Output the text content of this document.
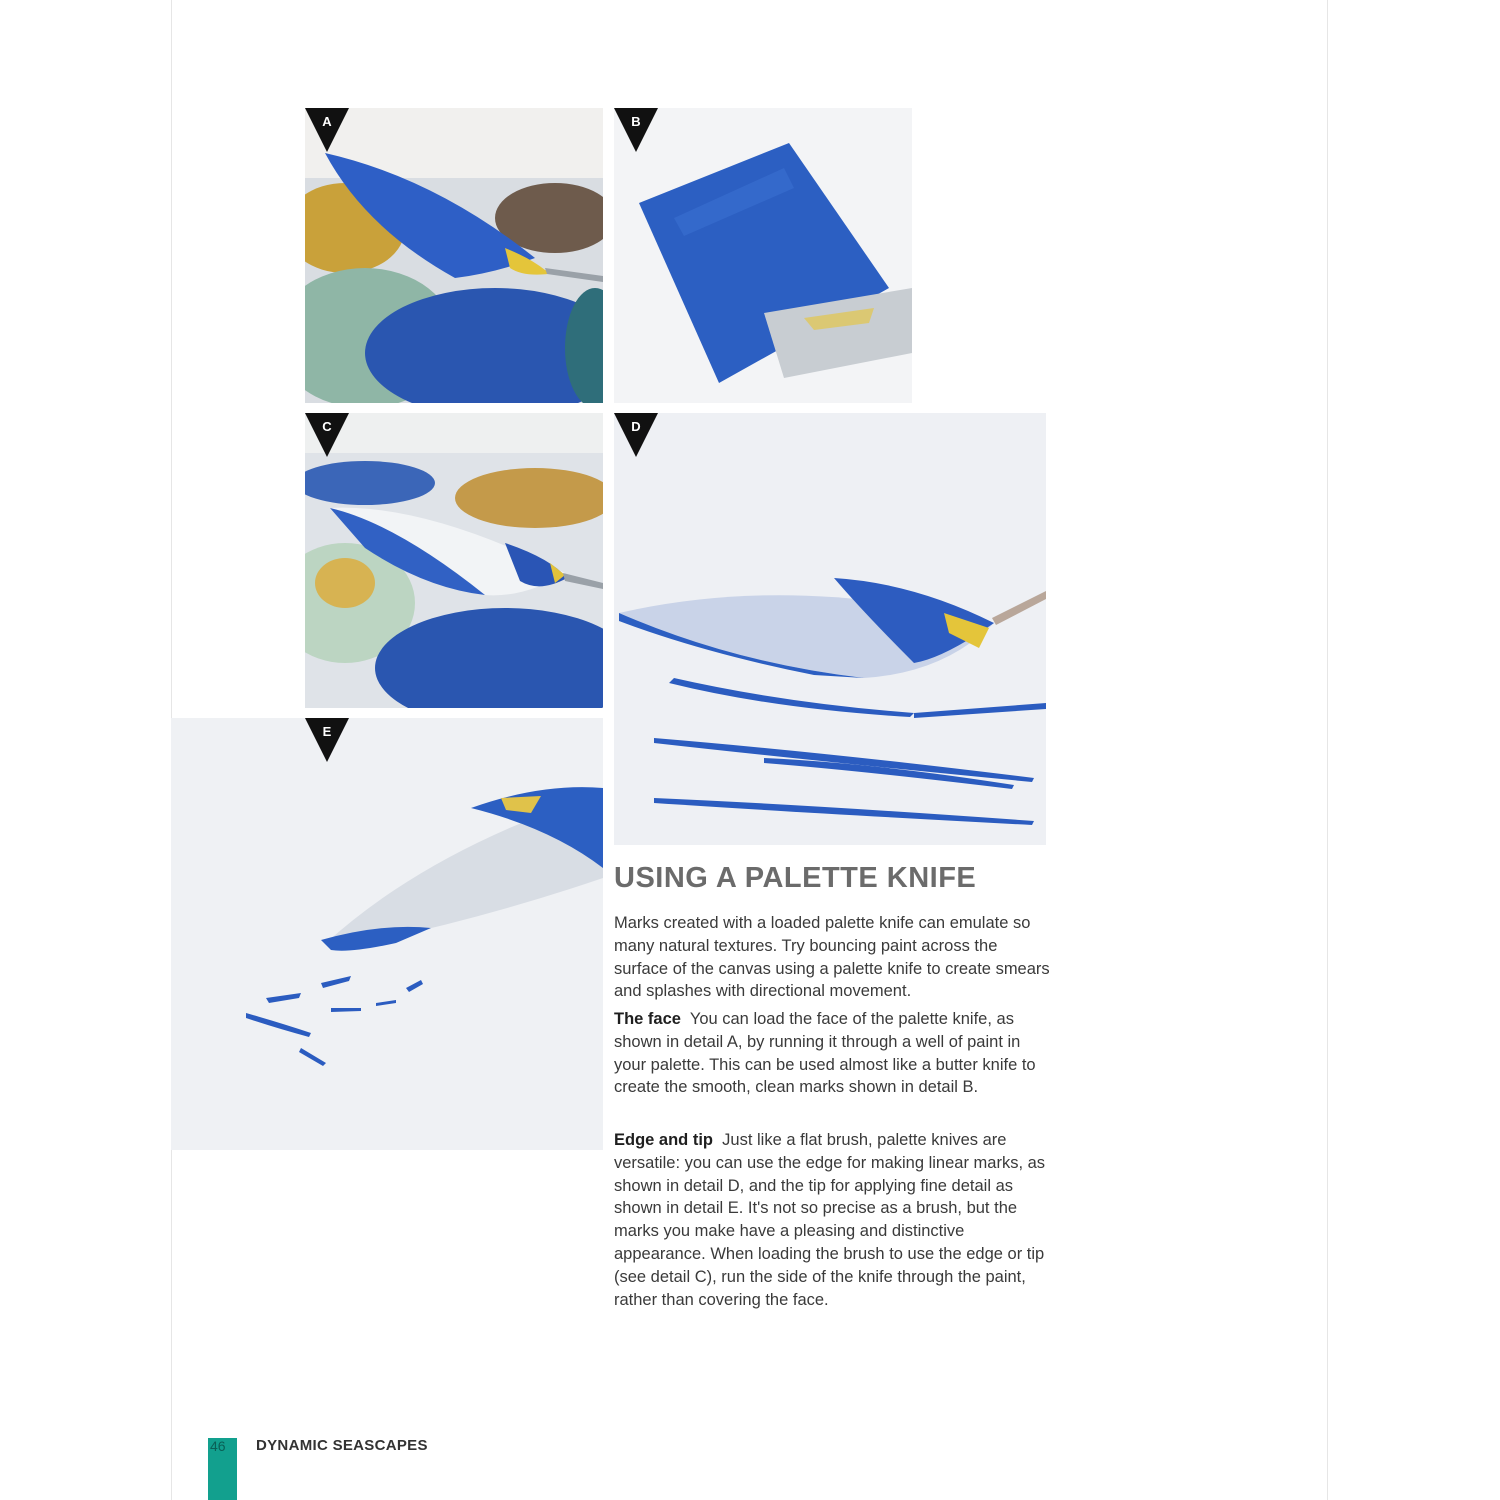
A	B
C	D
E
USING A PALETTE KNIFE

Marks created with a loaded palette knife can emulate so many natural textures. Try bouncing paint across the surface of the canvas using a palette knife to create smears and splashes with directional movement.

The face You can load the face of the palette knife, as shown in detail A, by running it through a well of paint in your palette. This can be used almost like a butter knife to create the smooth, clean marks shown in detail B.

Edge and tip Just like a flat brush, palette knives are versatile: you can use the edge for making linear marks, as shown in detail D, and the tip for applying fine detail as shown in detail E. It's not so precise as a brush, but the marks you make have a pleasing and distinctive appearance. When loading the brush to use the edge or tip (see detail C), run the side of the knife through the paint, rather than covering the face.

46 DYNAMIC SEASCAPES
